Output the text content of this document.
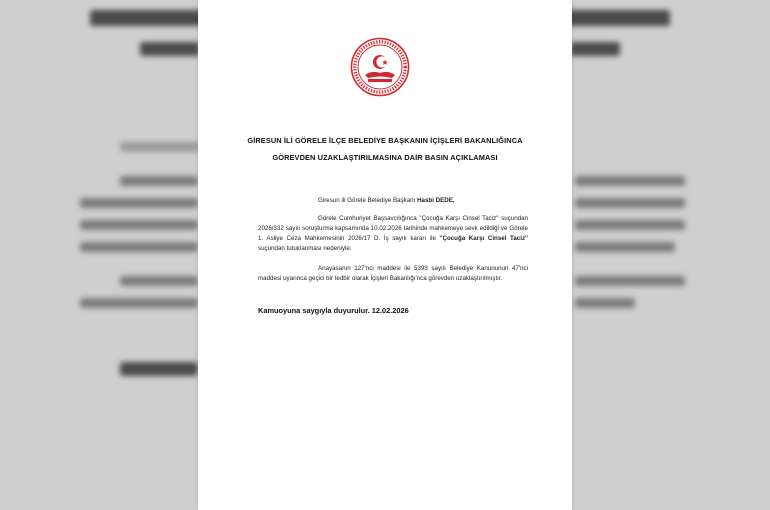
GİRESUN İLİ GÖRELE İLÇE BELEDİYE BAŞKANIN İÇİŞLERİ BAKANLIĞINCA
GÖREVDEN UZAKLAŞTIRILMASINA DAİR BASIN AÇIKLAMASI
Giresun ili Görele Belediye Başkanı Hasbi DEDE,
Görele Cumhuriyet Başsavcılığınca ''Çocuğa Karşı Cinsel Taciz'' suçundan 2026/332 sayılı soruşturma kapsamında 10.02.2026 tarihinde mahkemeye sevk edildiği ve Görele 1. Asliye Ceza Mahkemesinin 2026/17 D. İş sayılı kararı ile ''Çocuğa Karşı Cinsel Taciz'' suçundan tutuklanması nedeniyle;
Anayasanın 127'nci maddesi ile 5393 sayılı Belediye Kanununun 47'nci maddesi uyarınca geçici bir tedbir olarak İçişleri Bakanlığı'nca görevden uzaklaştırılmıştır.
Kamuoyuna saygıyla duyurulur. 12.02.2026
